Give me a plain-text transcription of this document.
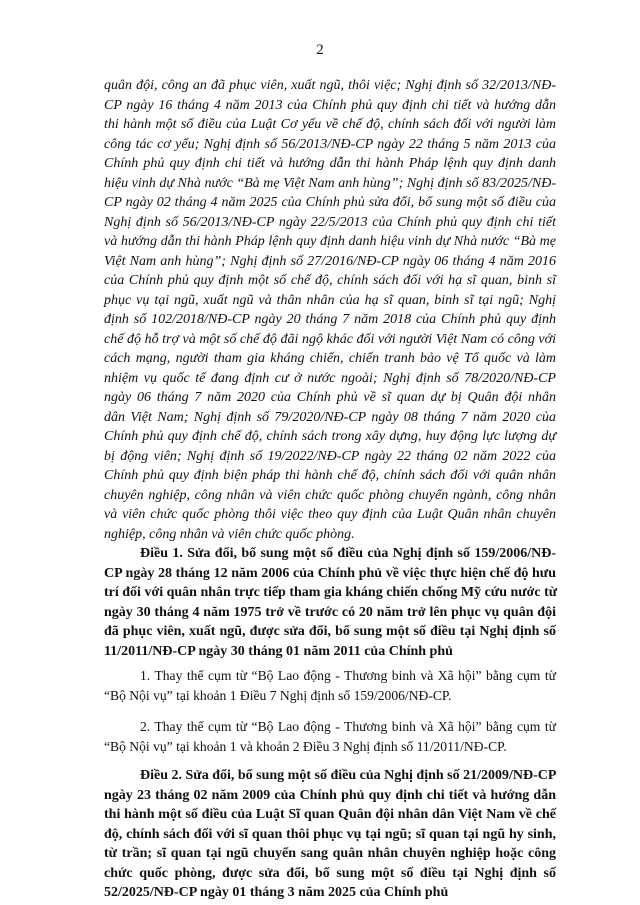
2
quân đội, công an đã phục viên, xuất ngũ, thôi việc; Nghị định số 32/2013/NĐ-
CP ngày 16 tháng 4 năm 2013 của Chính phủ quy định chi tiết và hướng dẫn
thi hành một số điều của Luật Cơ yếu về chế độ, chính sách đối với người làm
công tác cơ yếu; Nghị định số 56/2013/NĐ-CP ngày 22 tháng 5 năm 2013 của
Chính phủ quy định chi tiết và hướng dẫn thi hành Pháp lệnh quy định danh
hiệu vinh dự Nhà nước “Bà mẹ Việt Nam anh hùng”; Nghị định số 83/2025/NĐ-
CP ngày 02 tháng 4 năm 2025 của Chính phủ sửa đổi, bổ sung một số điều của
Nghị định số 56/2013/NĐ-CP ngày 22/5/2013 của Chính phủ quy định chi tiết
và hướng dẫn thi hành Pháp lệnh quy định danh hiệu vinh dự Nhà nước “Bà mẹ
Việt Nam anh hùng”; Nghị định số 27/2016/NĐ-CP ngày 06 tháng 4 năm 2016
của Chính phủ quy định một số chế độ, chính sách đối với hạ sĩ quan, binh sĩ
phục vụ tại ngũ, xuất ngũ và thân nhân của hạ sĩ quan, binh sĩ tại ngũ; Nghị
định số 102/2018/NĐ-CP ngày 20 tháng 7 năm 2018 của Chính phủ quy định
chế độ hỗ trợ và một số chế độ đãi ngộ khác đối với người Việt Nam có công với
cách mạng, người tham gia kháng chiến, chiến tranh bảo vệ Tổ quốc và làm
nhiệm vụ quốc tế đang định cư ở nước ngoài; Nghị định số 78/2020/NĐ-CP
ngày 06 tháng 7 năm 2020 của Chính phủ về sĩ quan dự bị Quân đội nhân
dân Việt Nam; Nghị định số 79/2020/NĐ-CP ngày 08 tháng 7 năm 2020 của
Chính phủ quy định chế độ, chính sách trong xây dựng, huy động lực lượng dự
bị động viên; Nghị định số 19/2022/NĐ-CP ngày 22 tháng 02 năm 2022 của
Chính phủ quy định biện pháp thi hành chế độ, chính sách đối với quân nhân
chuyên nghiệp, công nhân và viên chức quốc phòng chuyển ngành, công nhân
và viên chức quốc phòng thôi việc theo quy định của Luật Quân nhân chuyên
nghiệp, công nhân và viên chức quốc phòng.
Điều 1. Sửa đổi, bổ sung một số điều của Nghị định số 159/2006/NĐ-
CP ngày 28 tháng 12 năm 2006 của Chính phủ về việc thực hiện chế độ hưu
trí đối với quân nhân trực tiếp tham gia kháng chiến chống Mỹ cứu nước từ
ngày 30 tháng 4 năm 1975 trở về trước có 20 năm trở lên phục vụ quân đội
đã phục viên, xuất ngũ, được sửa đổi, bổ sung một số điều tại Nghị định số
11/2011/NĐ-CP ngày 30 tháng 01 năm 2011 của Chính phủ
1. Thay thế cụm từ “Bộ Lao động - Thương binh và Xã hội” bằng cụm từ
“Bộ Nội vụ” tại khoản 1 Điều 7 Nghị định số 159/2006/NĐ-CP.
2. Thay thế cụm từ “Bộ Lao động - Thương binh và Xã hội” bằng cụm từ
“Bộ Nội vụ” tại khoản 1 và khoản 2 Điều 3 Nghị định số 11/2011/NĐ-CP.
Điều 2. Sửa đổi, bổ sung một số điều của Nghị định số 21/2009/NĐ-CP
ngày 23 tháng 02 năm 2009 của Chính phủ quy định chi tiết và hướng dẫn
thi hành một số điều của Luật Sĩ quan Quân đội nhân dân Việt Nam về chế
độ, chính sách đối với sĩ quan thôi phục vụ tại ngũ; sĩ quan tại ngũ hy sinh,
từ trần; sĩ quan tại ngũ chuyển sang quân nhân chuyên nghiệp hoặc công
chức quốc phòng, được sửa đổi, bổ sung một số điều tại Nghị định số
52/2025/NĐ-CP ngày 01 tháng 3 năm 2025 của Chính phủ
